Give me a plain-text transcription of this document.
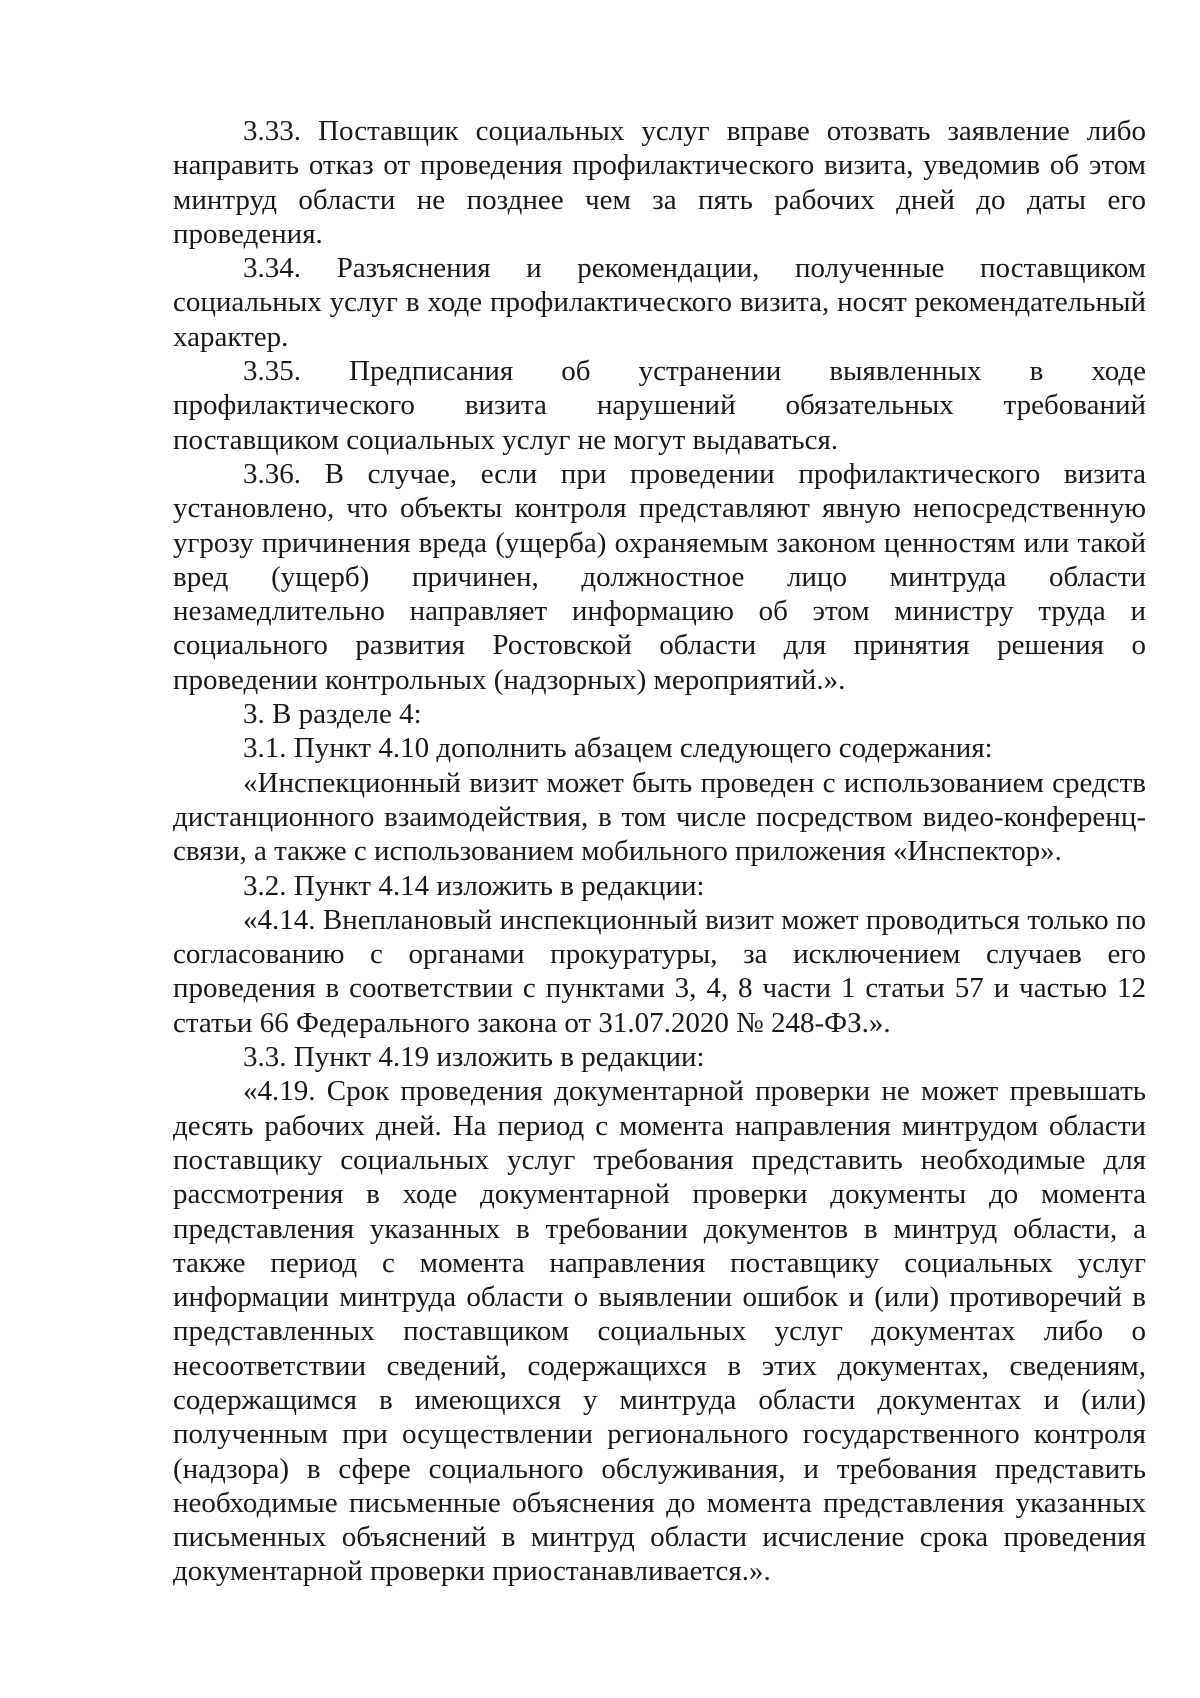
3.33. Поставщик социальных услуг вправе отозвать заявление либо направить отказ от проведения профилактического визита, уведомив об этом минтруд области не позднее чем за пять рабочих дней до даты его проведения.

3.34. Разъяснения и рекомендации, полученные поставщиком социальных услуг в ходе профилактического визита, носят рекомендательный характер.

3.35. Предписания об устранении выявленных в ходе профилактического визита нарушений обязательных требований поставщиком социальных услуг не могут выдаваться.

3.36. В случае, если при проведении профилактического визита установлено, что объекты контроля представляют явную непосредственную угрозу причинения вреда (ущерба) охраняемым законом ценностям или такой вред (ущерб) причинен, должностное лицо минтруда области незамедлительно направляет информацию об этом министру труда и социального развития Ростовской области для принятия решения о проведении контрольных (надзорных) мероприятий.».

3. В разделе 4:

3.1. Пункт 4.10 дополнить абзацем следующего содержания:

«Инспекционный визит может быть проведен с использованием средств дистанционного взаимодействия, в том числе посредством видео-конференц-связи, а также с использованием мобильного приложения «Инспектор».

3.2. Пункт 4.14 изложить в редакции:

«4.14. Внеплановый инспекционный визит может проводиться только по согласованию с органами прокуратуры, за исключением случаев его проведения в соответствии с пунктами 3, 4, 8 части 1 статьи 57 и частью 12 статьи 66 Федерального закона от 31.07.2020 № 248-ФЗ.».

3.3. Пункт 4.19 изложить в редакции:

«4.19. Срок проведения документарной проверки не может превышать десять рабочих дней. На период с момента направления минтрудом области поставщику социальных услуг требования представить необходимые для рассмотрения в ходе документарной проверки документы до момента представления указанных в требовании документов в минтруд области, а также период с момента направления поставщику социальных услуг информации минтруда области о выявлении ошибок и (или) противоречий в представленных поставщиком социальных услуг документах либо о несоответствии сведений, содержащихся в этих документах, сведениям, содержащимся в имеющихся у минтруда области документах и (или) полученным при осуществлении регионального государственного контроля (надзора) в сфере социального обслуживания, и требования представить необходимые письменные объяснения до момента представления указанных письменных объяснений в минтруд области исчисление срока проведения документарной проверки приостанавливается.».
